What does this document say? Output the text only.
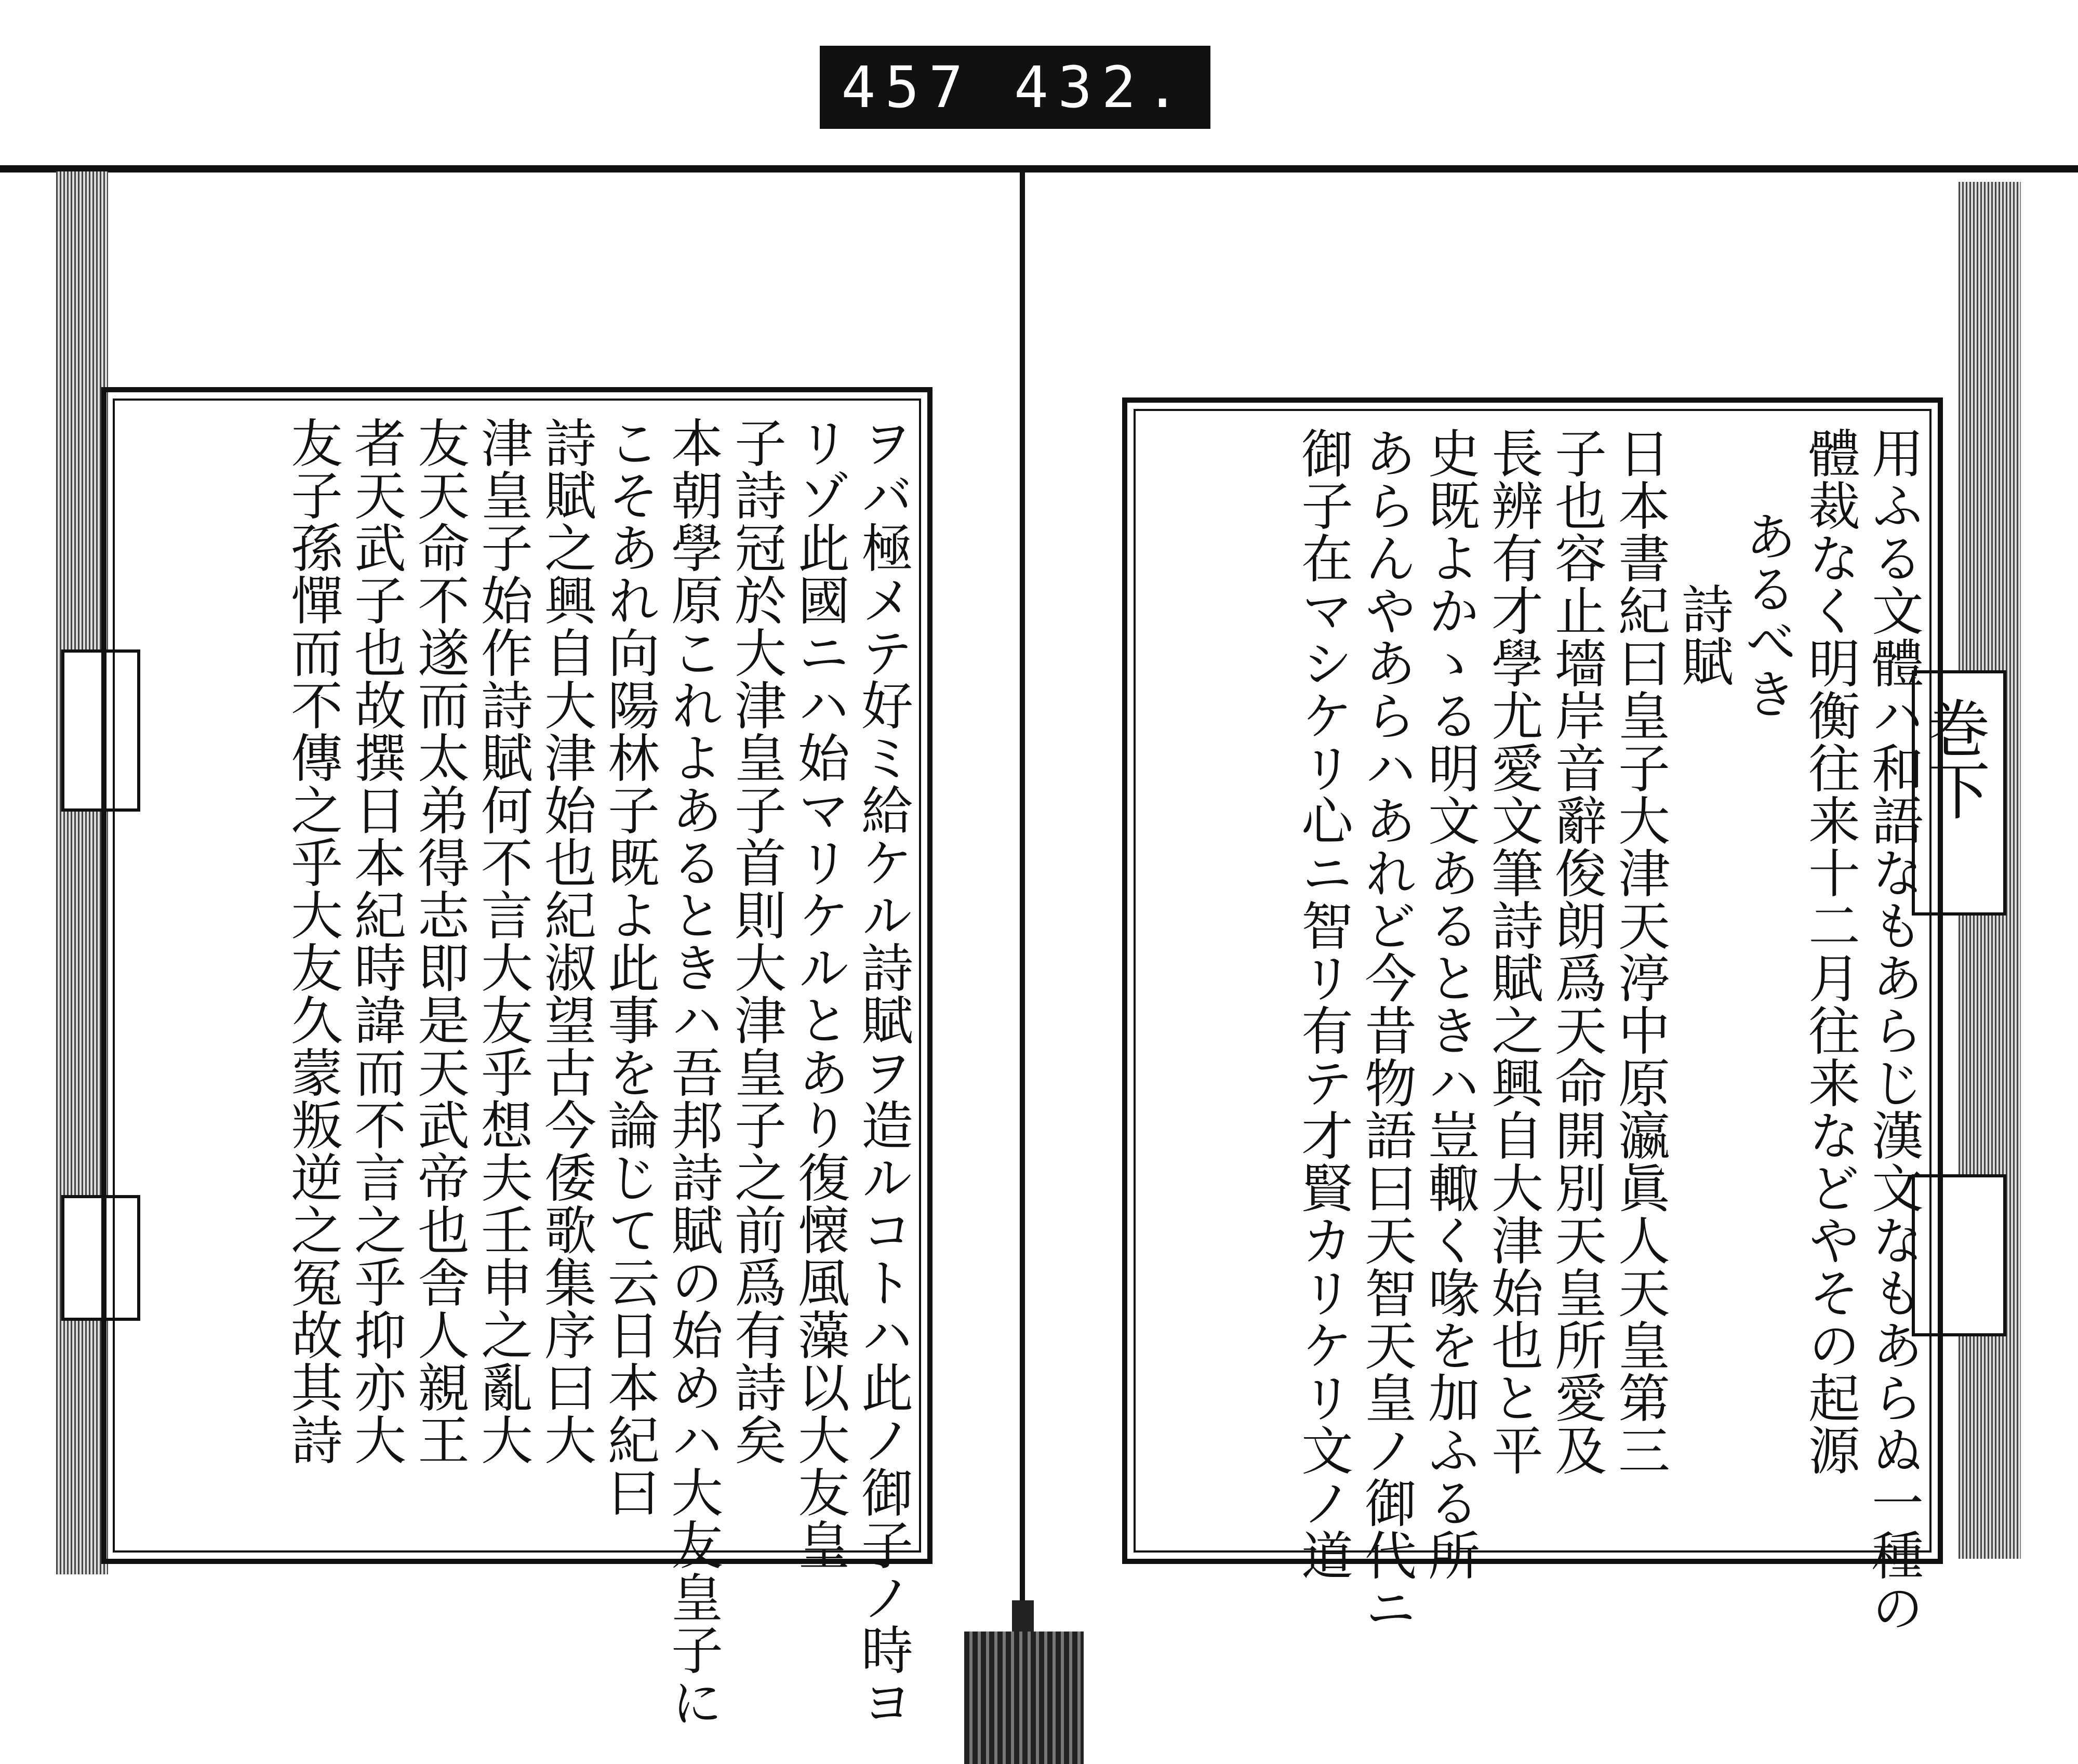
457 432.
巻下
用ふる文體ハ和語なもあらじ漢文なもあらぬ一種の
體裁なく明衡往来十二月往来などやその起源
あるべき
詩賦
日本書紀曰皇子大津天渟中原瀛眞人天皇第三
子也容止墻岸音辭俊朗爲天命開別天皇所愛及
長辨有才學尤愛文筆詩賦之興自大津始也と平
史既よかゝる明文あるときハ豈輙く喙を加ふる所
あらんやあらハあれど今昔物語曰天智天皇ノ御代ニ
御子在マシケリ心ニ智リ有テ才賢カリケリ文ノ道
ヲバ極メテ好ミ給ケル詩賦ヲ造ルコトハ此ノ御子ノ時ヨ
リゾ此國ニハ始マリケルとあり復懐風藻以大友皇
子詩冠於大津皇子首則大津皇子之前爲有詩矣
本朝學原これよあるときハ吾邦詩賦の始めハ大友皇子に
こそあれ向陽林子既よ此事を論じて云日本紀曰
詩賦之興自大津始也紀淑望古今倭歌集序曰大
津皇子始作詩賦何不言大友乎想夫壬申之亂大
友天命不遂而太弟得志即是天武帝也舎人親王
者天武子也故撰日本紀時諱而不言之乎抑亦大
友子孫憚而不傳之乎大友久蒙叛逆之冤故其詩
